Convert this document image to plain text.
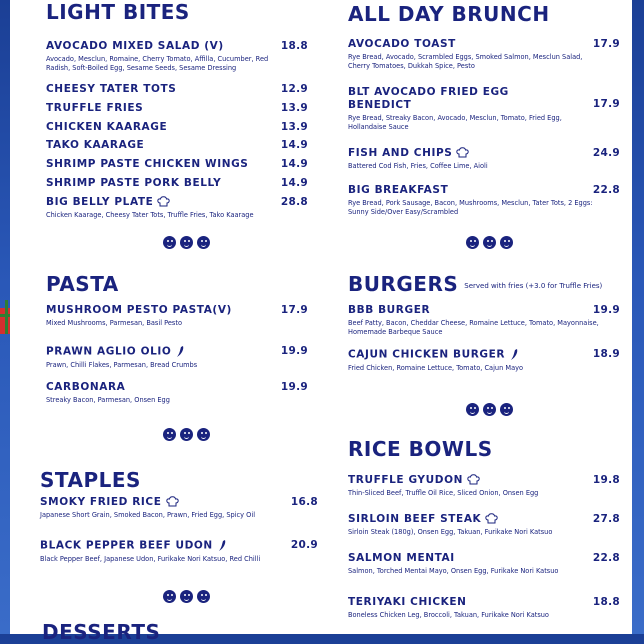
LIGHT BITES
AVOCADO MIXED SALAD (V)	18.8
Avocado, Mesclun, Romaine, Cherry Tomato, Affilla, Cucumber, Red Radish, Soft-Boiled Egg, Sesame Seeds, Sesame Dressing
CHEESY TATER TOTS	12.9
TRUFFLE FRIES	13.9
CHICKEN KAARAGE	13.9
TAKO KAARAGE	14.9
SHRIMP PASTE CHICKEN WINGS	14.9
SHRIMP PASTE PORK BELLY	14.9
BIG BELLY PLATE	28.8
Chicken Kaarage, Cheesy Tater Tots, Truffle Fries, Tako Kaarage
PASTA
MUSHROOM PESTO PASTA(V)	17.9
Mixed Mushrooms, Parmesan, Basil Pesto
PRAWN AGLIO OLIO	19.9
Prawn, Chilli Flakes, Parmesan, Bread Crumbs
CARBONARA	19.9
Streaky Bacon, Parmesan, Onsen Egg
STAPLES
SMOKY FRIED RICE	16.8
Japanese Short Grain, Smoked Bacon, Prawn, Fried Egg, Spicy Oil
BLACK PEPPER BEEF UDON	20.9
Black Pepper Beef, Japanese Udon, Furikake Nori Katsuo, Red Chilli
DESSERTS
ALL DAY BRUNCH
AVOCADO TOAST	17.9
Rye Bread, Avocado, Scrambled Eggs, Smoked Salmon, Mesclun Salad, Cherry Tomatoes, Dukkah Spice, Pesto
BLT AVOCADO FRIED EGG BENEDICT	17.9
Rye Bread, Streaky Bacon, Avocado, Mesclun, Tomato, Fried Egg, Hollandaise Sauce
FISH AND CHIPS	24.9
Battered Cod Fish, Fries, Coffee Lime, Aioli
BIG BREAKFAST	22.8
Rye Bread, Pork Sausage, Bacon, Mushrooms, Mesclun, Tater Tots, 2 Eggs: Sunny Side/Over Easy/Scrambled
BURGERS Served with fries (+3.0 for Truffle Fries)
BBB BURGER	19.9
Beef Patty, Bacon, Cheddar Cheese, Romaine Lettuce, Tomato, Mayonnaise, Homemade Barbeque Sauce
CAJUN CHICKEN BURGER	18.9
Fried Chicken, Romaine Lettuce, Tomato, Cajun Mayo
RICE BOWLS
TRUFFLE GYUDON	19.8
Thin-Sliced Beef, Truffle Oil Rice, Sliced Onion, Onsen Egg
SIRLOIN BEEF STEAK	27.8
Sirloin Steak (180g), Onsen Egg, Takuan, Furikake Nori Katsuo
SALMON MENTAI	22.8
Salmon, Torched Mentai Mayo, Onsen Egg, Furikake Nori Katsuo
TERIYAKI CHICKEN	18.8
Boneless Chicken Leg, Broccoli, Takuan, Furikake Nori Katsuo
